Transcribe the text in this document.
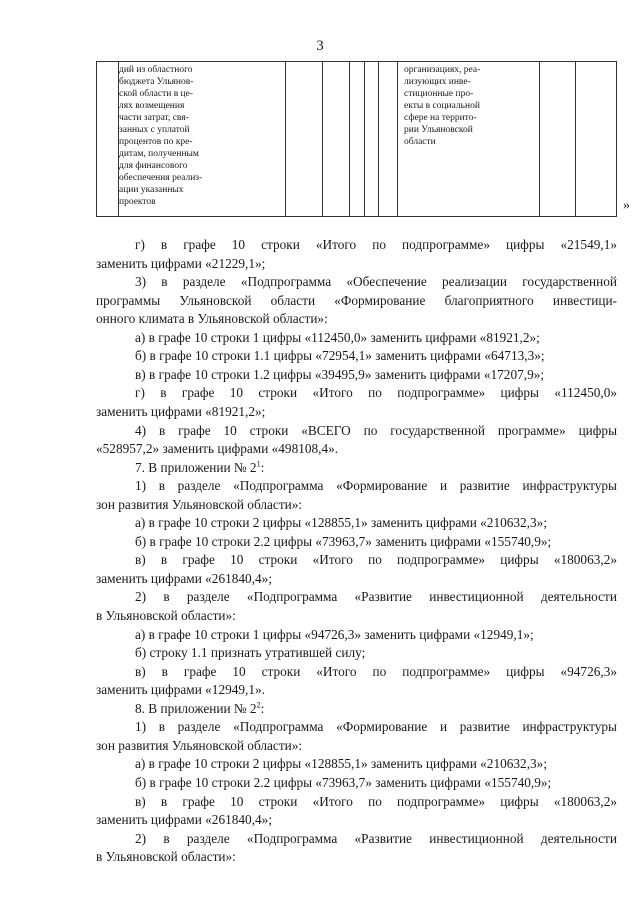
3
дий из областного
бюджета Ульянов-
ской области в це-
лях возмещения
части затрат, свя-
занных с уплатой
процентов по кре-
дитам, полученным
для финансового
обеспечения реализ-
ации указанных
проектов
организациях, реа-
лизующих инве-
стиционные про-
екты в социальной
сфере на террито-
рии Ульяновской
области
»
г) в графе 10 строки «Итого по подпрограмме» цифры «21549,1»
заменить цифрами «21229,1»;
3) в разделе «Подпрограмма «Обеспечение реализации государственной
программы Ульяновской области «Формирование благоприятного инвестици-
онного климата в Ульяновской области»:
а) в графе 10 строки 1 цифры «112450,0» заменить цифрами «81921,2»;
б) в графе 10 строки 1.1 цифры «72954,1» заменить цифрами «64713,3»;
в) в графе 10 строки 1.2 цифры «39495,9» заменить цифрами «17207,9»;
г) в графе 10 строки «Итого по подпрограмме» цифры «112450,0»
заменить цифрами «81921,2»;
4) в графе 10 строки «ВСЕГО по государственной программе» цифры
«528957,2» заменить цифрами «498108,4».
7. В приложении № $2^1$:
1) в разделе «Подпрограмма «Формирование и развитие инфраструктуры
зон развития Ульяновской области»:
а) в графе 10 строки 2 цифры «128855,1» заменить цифрами «210632,3»;
б) в графе 10 строки 2.2 цифры «73963,7» заменить цифрами «155740,9»;
в) в графе 10 строки «Итого по подпрограмме» цифры «180063,2»
заменить цифрами «261840,4»;
2) в разделе «Подпрограмма «Развитие инвестиционной деятельности
в Ульяновской области»:
а) в графе 10 строки 1 цифры «94726,3» заменить цифрами «12949,1»;
б) строку 1.1 признать утратившей силу;
в) в графе 10 строки «Итого по подпрограмме» цифры «94726,3»
заменить цифрами «12949,1».
8. В приложении № $2^2$:
1) в разделе «Подпрограмма «Формирование и развитие инфраструктуры
зон развития Ульяновской области»:
а) в графе 10 строки 2 цифры «128855,1» заменить цифрами «210632,3»;
б) в графе 10 строки 2.2 цифры «73963,7» заменить цифрами «155740,9»;
в) в графе 10 строки «Итого по подпрограмме» цифры «180063,2»
заменить цифрами «261840,4»;
2) в разделе «Подпрограмма «Развитие инвестиционной деятельности
в Ульяновской области»:
